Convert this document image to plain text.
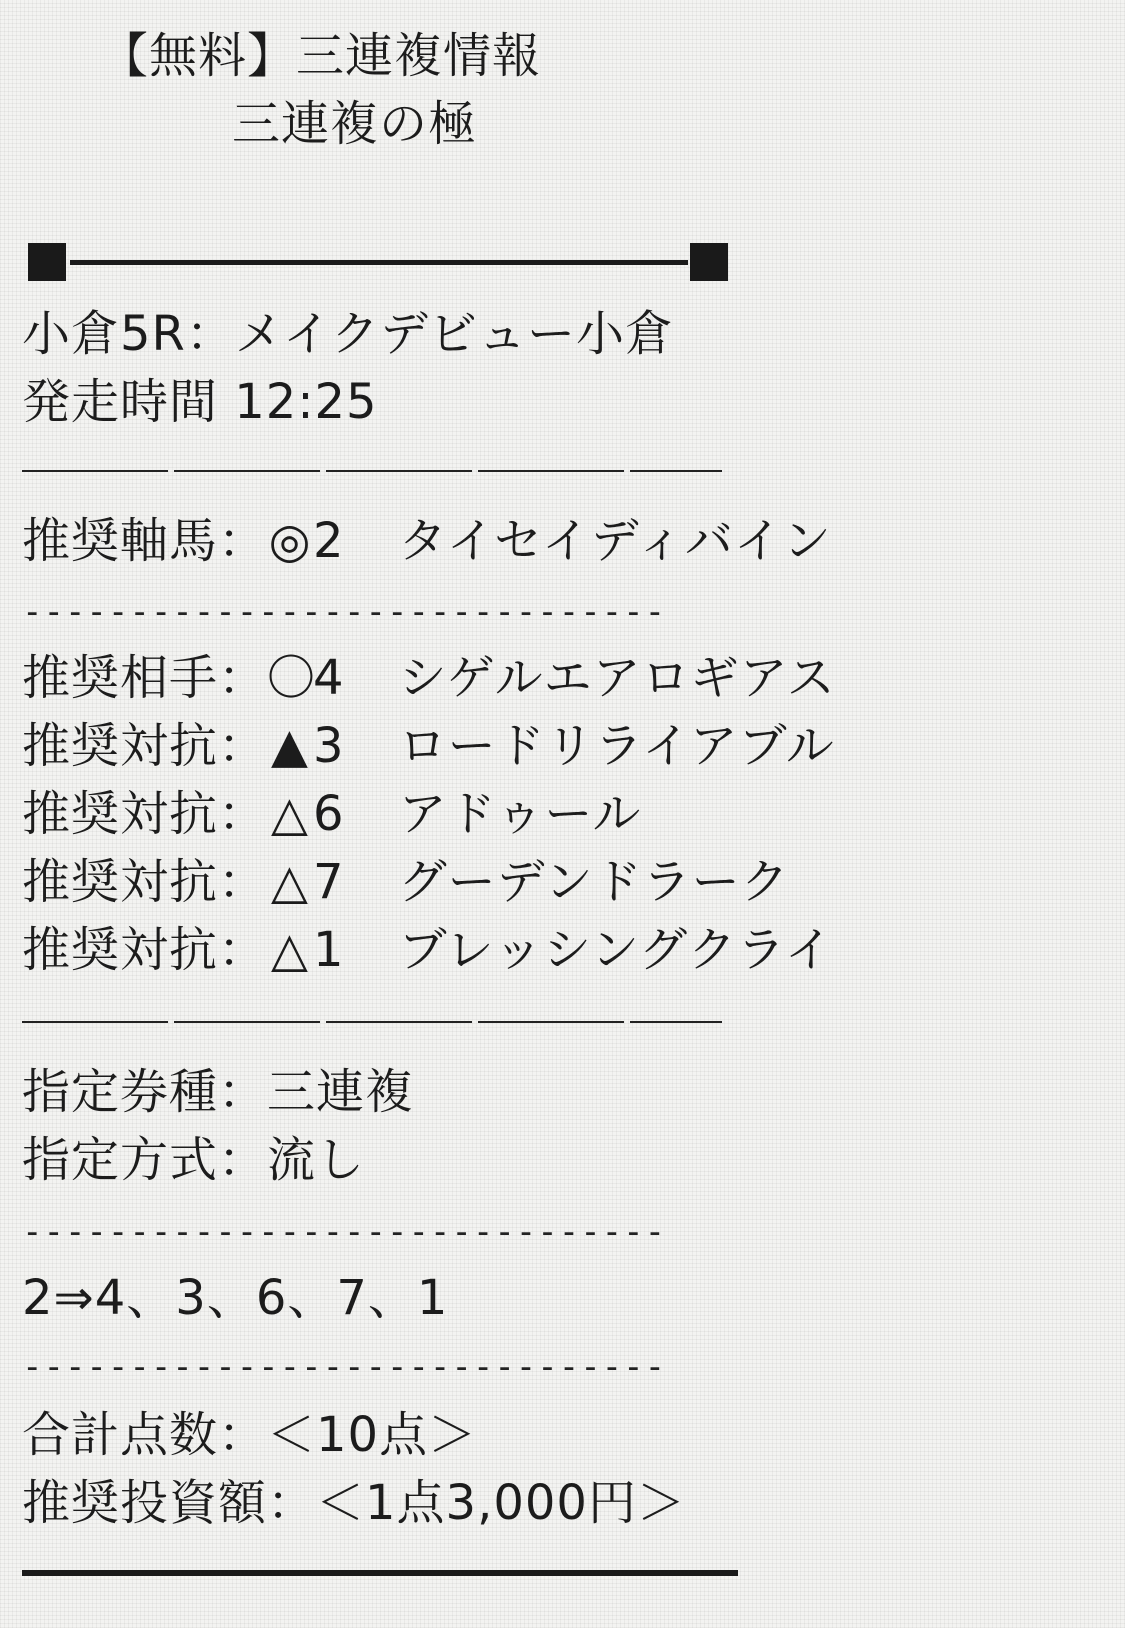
【無料】三連複情報
三連複の極
小倉5R：メイクデビュー小倉
発走時間 12:25
推奨軸馬：◎2 タイセイディバイン
------------------------------
推奨相手：〇4 シゲルエアロギアス
推奨対抗：▲3 ロードリライアブル
推奨対抗：△6 アドゥール
推奨対抗：△7 グーデンドラーク
推奨対抗：△1 ブレッシングクライ
指定券種：三連複
指定方式：流し
------------------------------
2⇒4、3、6、7、1
------------------------------
合計点数：＜10点＞
推奨投資額：＜1点3,000円＞
